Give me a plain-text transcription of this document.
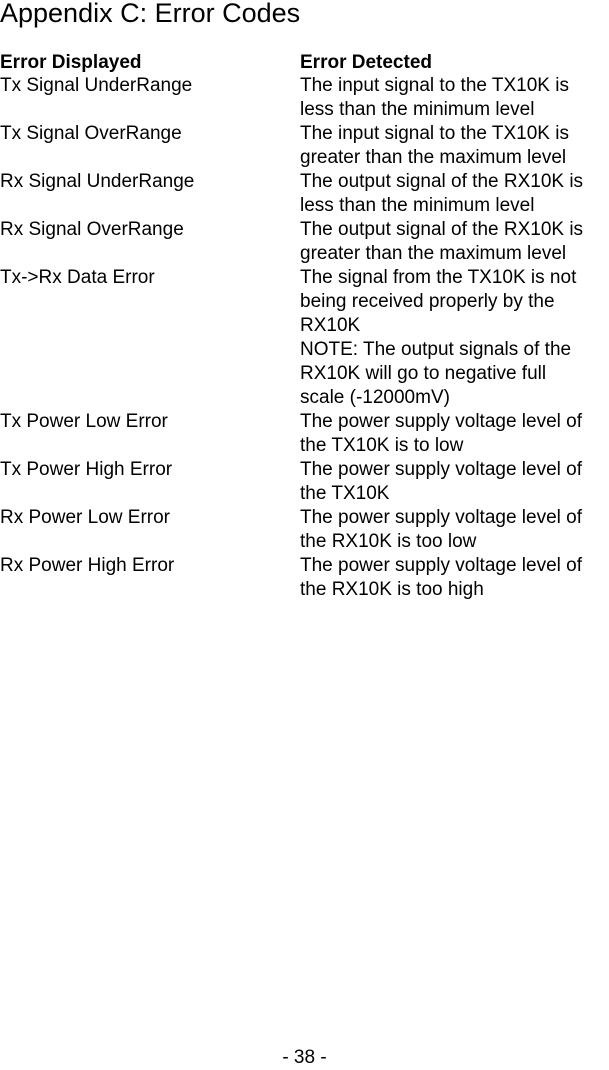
Appendix C: Error Codes
Error Displayed	Error Detected
Tx Signal UnderRange	The input signal to the TX10K is
less than the minimum level
Tx Signal OverRange	The input signal to the TX10K is
greater than the maximum level
Rx Signal UnderRange	The output signal of the RX10K is
less than the minimum level
Rx Signal OverRange	The output signal of the RX10K is
greater than the maximum level
Tx->Rx Data Error	The signal from the TX10K is not
being received properly by the
RX10K
NOTE: The output signals of the
RX10K will go to negative full
scale (-12000mV)
Tx Power Low Error	The power supply voltage level of
the TX10K is to low
Tx Power High Error	The power supply voltage level of
the TX10K
Rx Power Low Error	The power supply voltage level of
the RX10K is too low
Rx Power High Error	The power supply voltage level of
the RX10K is too high
- 38 -
